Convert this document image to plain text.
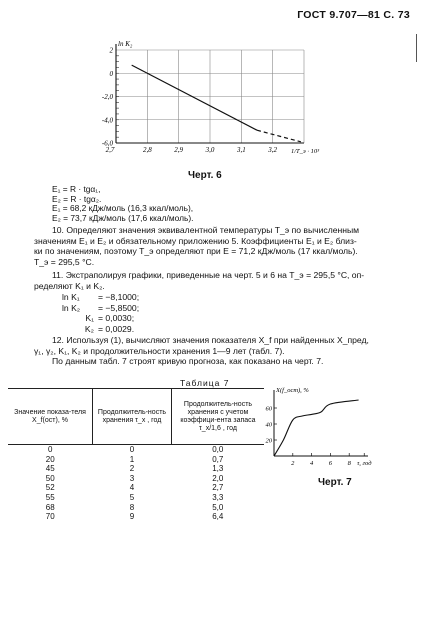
ГОСТ 9.707—81 С. 73
ln K₂
2
0
-2,0
-4,0
-6,0
2,7	2,8	2,9	3,0	3,1	3,2 1/T_э · 10³
Черт. 6
E₁ = R · tgα₁,
E₂ = R · tgα₂.
E₁ = 68,2 кДж/моль (16,3 ккал/моль),
E₂ = 73,7 кДж/моль (17,6 ккал/моль).
10. Определяют значения эквивалентной температуры T_э по вычисленным
значениям E₁ и E₂ и обязательному приложению 5. Коэффициенты E₁ и E₂ близ-
ки по значениям, поэтому T_э определяют при E = 71,2 кДж/моль (17 ккал/моль).
T_э = 295,5 °С.
11. Экстраполируя графики, приведенные на черт. 5 и 6 на T_э = 295,5 °С, оп-
ределяют K₁ и K₂.
ln K₁ = −8,1000;
ln K₂ = −5,8500;
K₁ = 0,0030;
K₂ = 0,0029.
12. Используя (1), вычисляют значения показателя X_f при найденных X_пред,
γ₁, γ₂, K₁, K₂ и продолжительности хранения 1—9 лет (табл. 7).
По данным табл. 7 строят кривую прогноза, как показано на черт. 7.
Таблица 7
Значение показа-теля X_f(ост), %	Продолжитель-ность хранения τ_х , год	Продолжитель-ность хранения с учетом коэффици-ента запаса τ_х/1,6 , год
0	0	0,0
20	1	0,7
45	2	1,3
50	3	2,0
52	4	2,7
55	5	3,3
68	8	5,0
70	9	6,4
X(f_ост), %
60
40
20
2 4 6 8 τ, год
Черт. 7
